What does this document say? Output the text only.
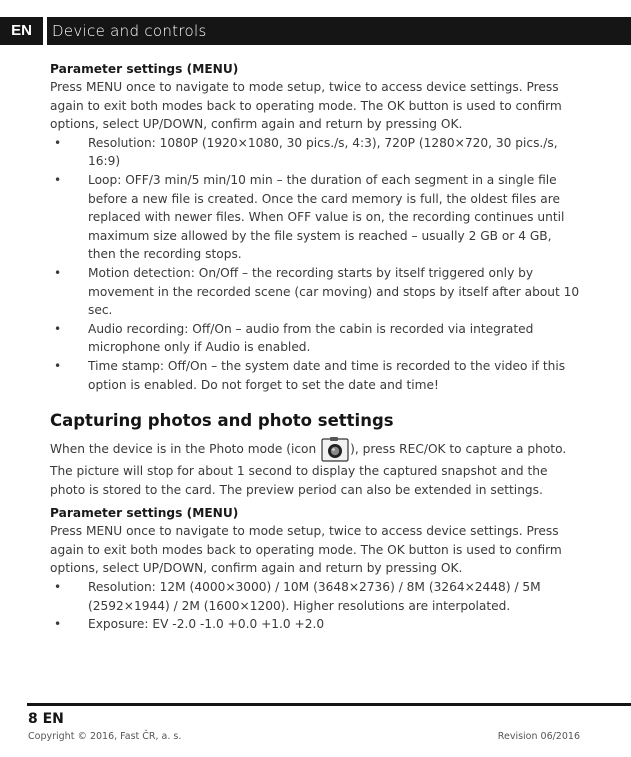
EN	Device and controls
Parameter settings (MENU)

Press MENU once to navigate to mode setup, twice to access device settings. Press again to exit both modes back to operating mode. The OK button is used to confirm options, select UP/DOWN, confirm again and return by pressing OK.

• Resolution: 1080P (1920×1080, 30 pics./s, 4:3), 720P (1280×720, 30 pics./s, 16:9)
• Loop: OFF/3 min/5 min/10 min – the duration of each segment in a single file before a new file is created. Once the card memory is full, the oldest files are replaced with newer files. When OFF value is on, the recording continues until maximum size allowed by the file system is reached – usually 2 GB or 4 GB, then the recording stops.
• Motion detection: On/Off – the recording starts by itself triggered only by movement in the recorded scene (car moving) and stops by itself after about 10 sec.
• Audio recording: Off/On – audio from the cabin is recorded via integrated microphone only if Audio is enabled.
• Time stamp: Off/On – the system date and time is recorded to the video if this option is enabled. Do not forget to set the date and time!
Capturing photos and photo settings

When the device is in the Photo mode (icon ), press REC/OK to capture a photo. The picture will stop for about 1 second to display the captured snapshot and the photo is stored to the card. The preview period can also be extended in settings.

Parameter settings (MENU)

Press MENU once to navigate to mode setup, twice to access device settings. Press again to exit both modes back to operating mode. The OK button is used to confirm options, select UP/DOWN, confirm again and return by pressing OK.

• Resolution: 12M (4000×3000) / 10M (3648×2736) / 8M (3264×2448) / 5M (2592×1944) / 2M (1600×1200). Higher resolutions are interpolated.
• Exposure: EV -2.0 -1.0 +0.0 +1.0 +2.0
8 EN
Copyright © 2016, Fast ČR, a. s.	Revision 06/2016
